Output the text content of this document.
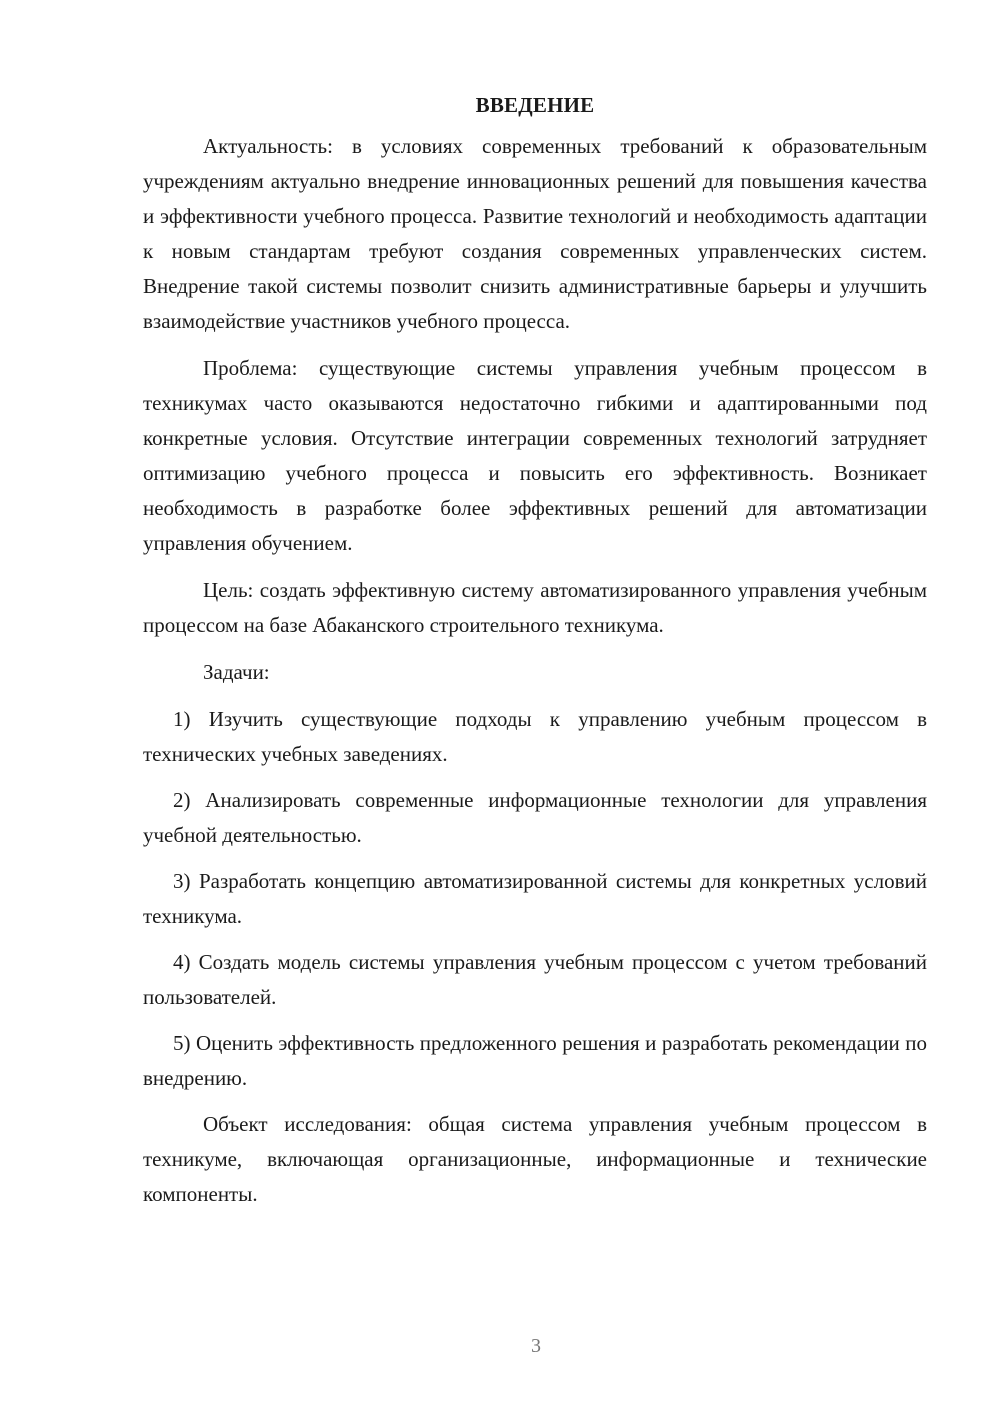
ВВЕДЕНИЕ

Актуальность: в условиях современных требований к образовательным учреждениям актуально внедрение инновационных решений для повышения качества и эффективности учебного процесса. Развитие технологий и необходимость адаптации к новым стандартам требуют создания современных управленческих систем. Внедрение такой системы позволит снизить административные барьеры и улучшить взаимодействие участников учебного процесса.

Проблема: существующие системы управления учебным процессом в техникумах часто оказываются недостаточно гибкими и адаптированными под конкретные условия. Отсутствие интеграции современных технологий затрудняет оптимизацию учебного процесса и повысить его эффективность. Возникает необходимость в разработке более эффективных решений для автоматизации управления обучением.

Цель: создать эффективную систему автоматизированного управления учебным процессом на базе Абаканского строительного техникума.

Задачи:

1) Изучить существующие подходы к управлению учебным процессом в технических учебных заведениях.

2) Анализировать современные информационные технологии для управления учебной деятельностью.

3) Разработать концепцию автоматизированной системы для конкретных условий техникума.

4) Создать модель системы управления учебным процессом с учетом требований пользователей.

5) Оценить эффективность предложенного решения и разработать рекомендации по внедрению.

Объект исследования: общая система управления учебным процессом в техникуме, включающая организационные, информационные и технические компоненты.

3
